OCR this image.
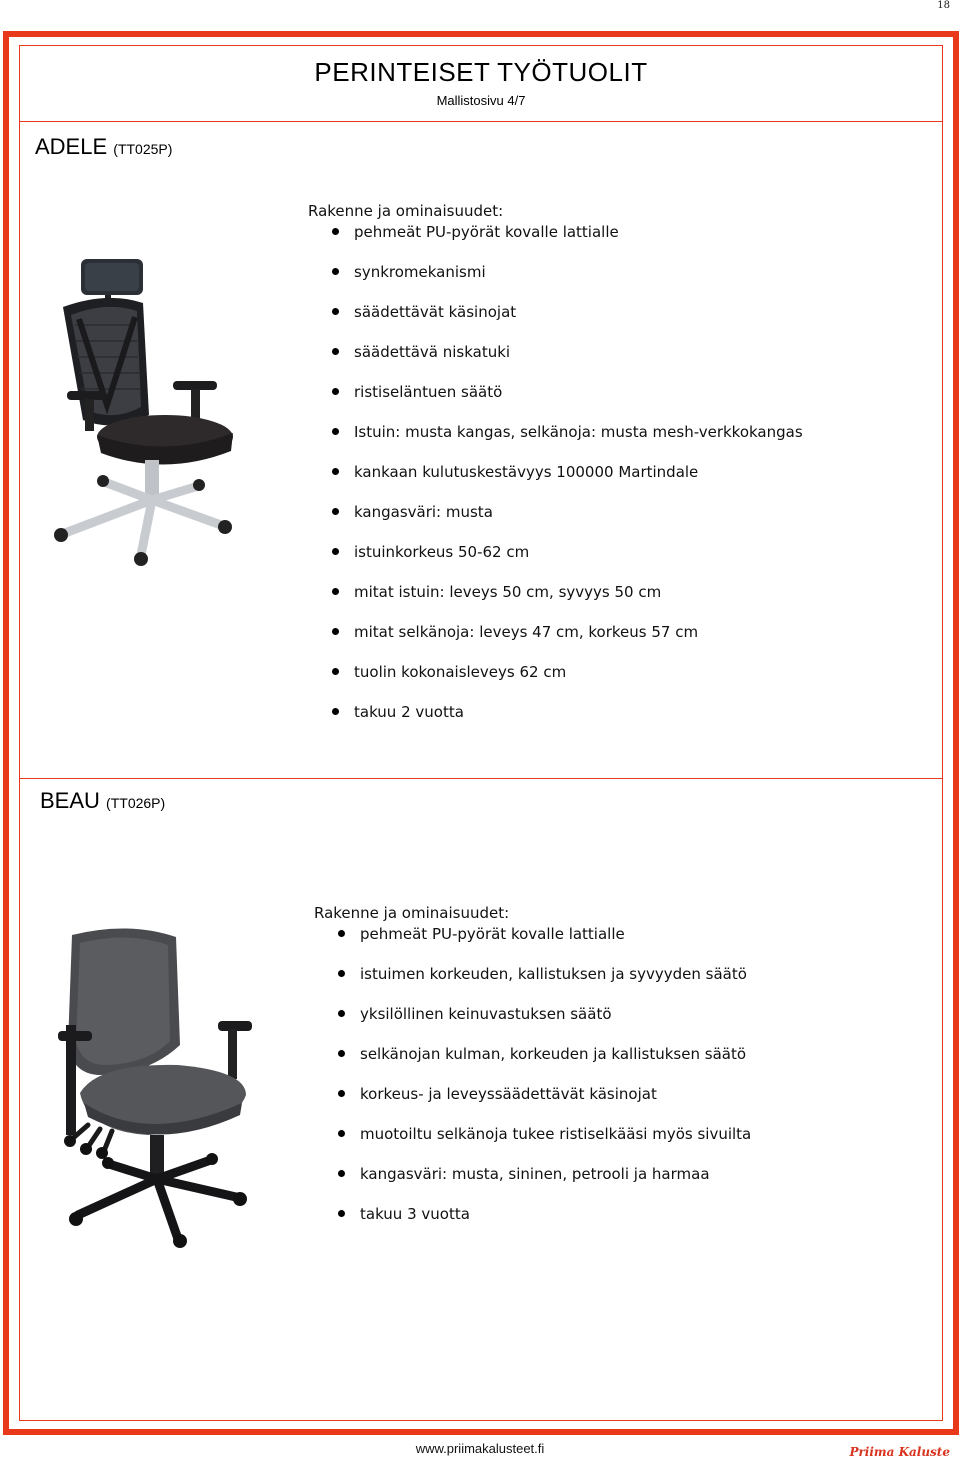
18
PERINTEISET TYÖTUOLIT
Mallistosivu 4/7
ADELE (TT025P)
Rakenne ja ominaisuudet:
pehmeät PU-pyörät kovalle lattialle
synkromekanismi
säädettävät käsinojat
säädettävä niskatuki
ristiseläntuen säätö
Istuin: musta kangas, selkänoja: musta mesh-verkkokangas
kankaan kulutuskestävyys 100000 Martindale
kangasväri: musta
istuinkorkeus 50-62 cm
mitat istuin: leveys 50 cm, syvyys 50 cm
mitat selkänoja: leveys 47 cm, korkeus 57 cm
tuolin kokonaisleveys 62 cm
takuu 2 vuotta
BEAU (TT026P)
Rakenne ja ominaisuudet:
pehmeät PU-pyörät kovalle lattialle
istuimen korkeuden, kallistuksen ja syvyyden säätö
yksilöllinen keinuvastuksen säätö
selkänojan kulman, korkeuden ja kallistuksen säätö
korkeus- ja leveyssäädettävät käsinojat
muotoiltu selkänoja tukee ristiselkääsi myös sivuilta
kangasväri: musta, sininen, petrooli ja harmaa
takuu 3 vuotta
www.priimakalusteet.fi	Priima Kaluste
